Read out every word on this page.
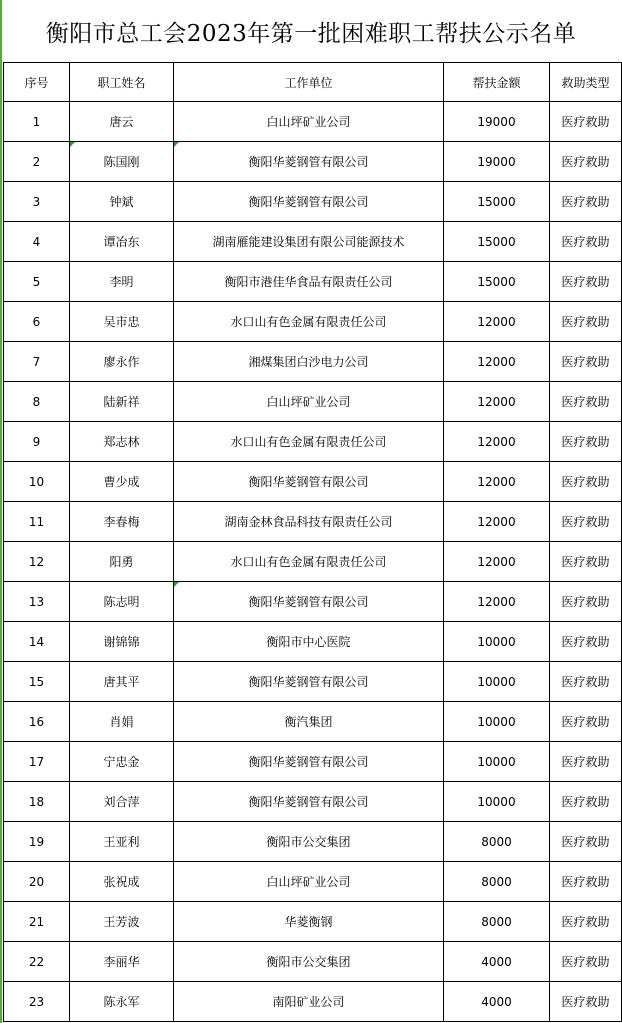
衡阳市总工会2023年第一批困难职工帮扶公示名单
序号	职工姓名	工作单位	帮扶金额	救助类型
1	唐云	白山坪矿业公司	19000	医疗救助
2	陈国刚	衡阳华菱钢管有限公司	19000	医疗救助
3	钟斌	衡阳华菱钢管有限公司	15000	医疗救助
4	谭冶东	湖南雁能建设集团有限公司能源技术	15000	医疗救助
5	李明	衡阳市港佳华食品有限责任公司	15000	医疗救助
6	吴市忠	水口山有色金属有限责任公司	12000	医疗救助
7	廖永作	湘煤集团白沙电力公司	12000	医疗救助
8	陆新祥	白山坪矿业公司	12000	医疗救助
9	郑志林	水口山有色金属有限责任公司	12000	医疗救助
10	曹少成	衡阳华菱钢管有限公司	12000	医疗救助
11	李春梅	湖南金林食品科技有限责任公司	12000	医疗救助
12	阳勇	水口山有色金属有限责任公司	12000	医疗救助
13	陈志明	衡阳华菱钢管有限公司	12000	医疗救助
14	谢锦锦	衡阳市中心医院	10000	医疗救助
15	唐其平	衡阳华菱钢管有限公司	10000	医疗救助
16	肖娟	衡汽集团	10000	医疗救助
17	宁忠金	衡阳华菱钢管有限公司	10000	医疗救助
18	刘合萍	衡阳华菱钢管有限公司	10000	医疗救助
19	王亚利	衡阳市公交集团	8000	医疗救助
20	张祝成	白山坪矿业公司	8000	医疗救助
21	王芳波	华菱衡钢	8000	医疗救助
22	李丽华	衡阳市公交集团	4000	医疗救助
23	陈永军	南阳矿业公司	4000	医疗救助
